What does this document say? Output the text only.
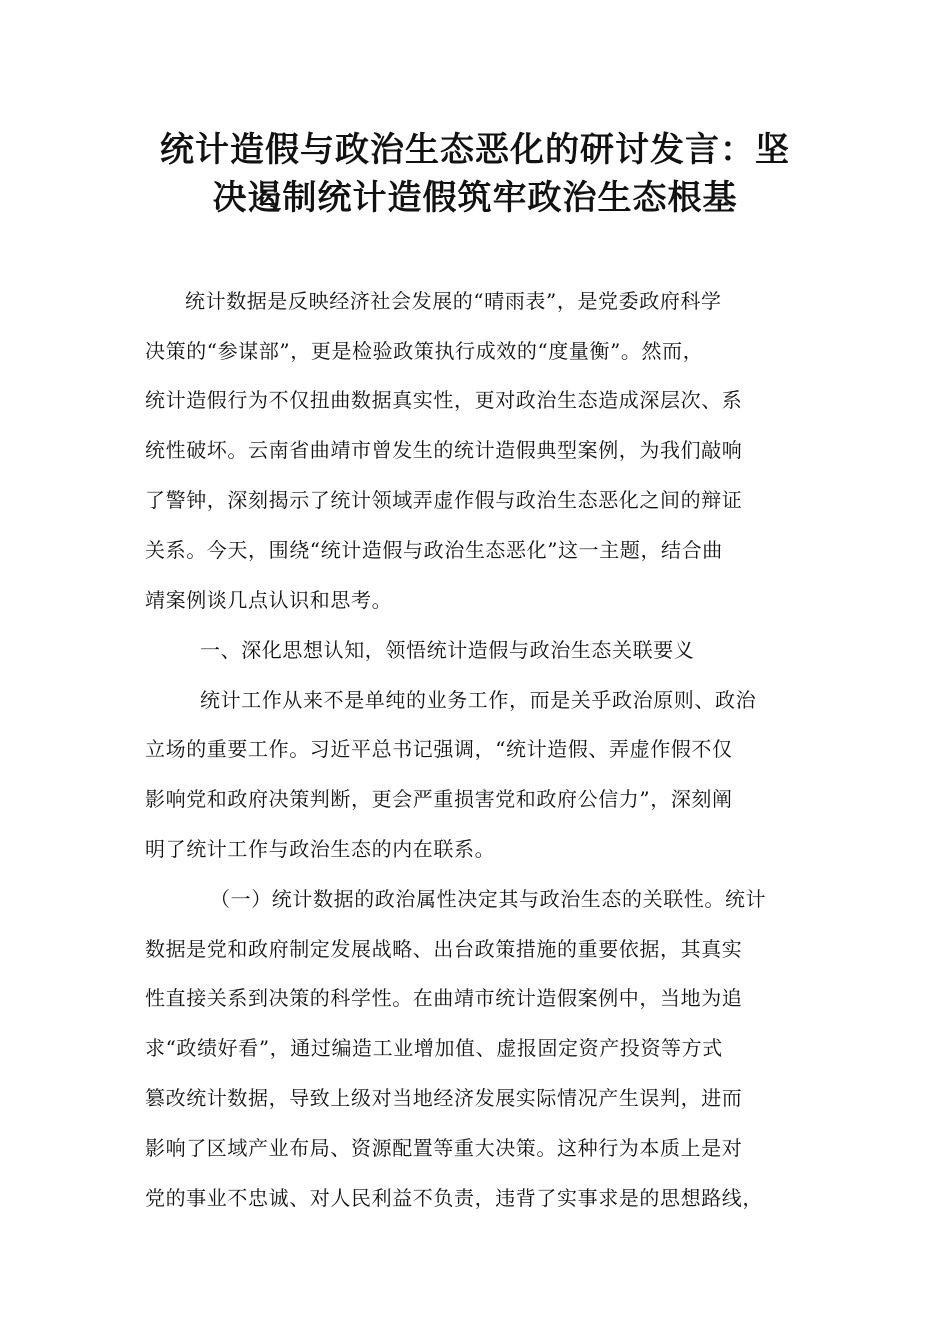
统计造假与政治生态恶化的研讨发言：坚
决遏制统计造假筑牢政治生态根基

统计数据是反映经济社会发展的“晴雨表”，是党委政府科学

决策的“参谋部”，更是检验政策执行成效的“度量衡”。然而，

统计造假行为不仅扭曲数据真实性，更对政治生态造成深层次、系

统性破坏。云南省曲靖市曾发生的统计造假典型案例，为我们敲响

了警钟，深刻揭示了统计领域弄虚作假与政治生态恶化之间的辩证

关系。今天，围绕“统计造假与政治生态恶化”这一主题，结合曲

靖案例谈几点认识和思考。

一、深化思想认知，领悟统计造假与政治生态关联要义

统计工作从来不是单纯的业务工作，而是关乎政治原则、政治

立场的重要工作。习近平总书记强调，“统计造假、弄虚作假不仅

影响党和政府决策判断，更会严重损害党和政府公信力”，深刻阐

明了统计工作与政治生态的内在联系。

（一）统计数据的政治属性决定其与政治生态的关联性。统计

数据是党和政府制定发展战略、出台政策措施的重要依据，其真实

性直接关系到决策的科学性。在曲靖市统计造假案例中，当地为追

求“政绩好看”，通过编造工业增加值、虚报固定资产投资等方式

篡改统计数据，导致上级对当地经济发展实际情况产生误判，进而

影响了区域产业布局、资源配置等重大决策。这种行为本质上是对

党的事业不忠诚、对人民利益不负责，违背了实事求是的思想路线，
